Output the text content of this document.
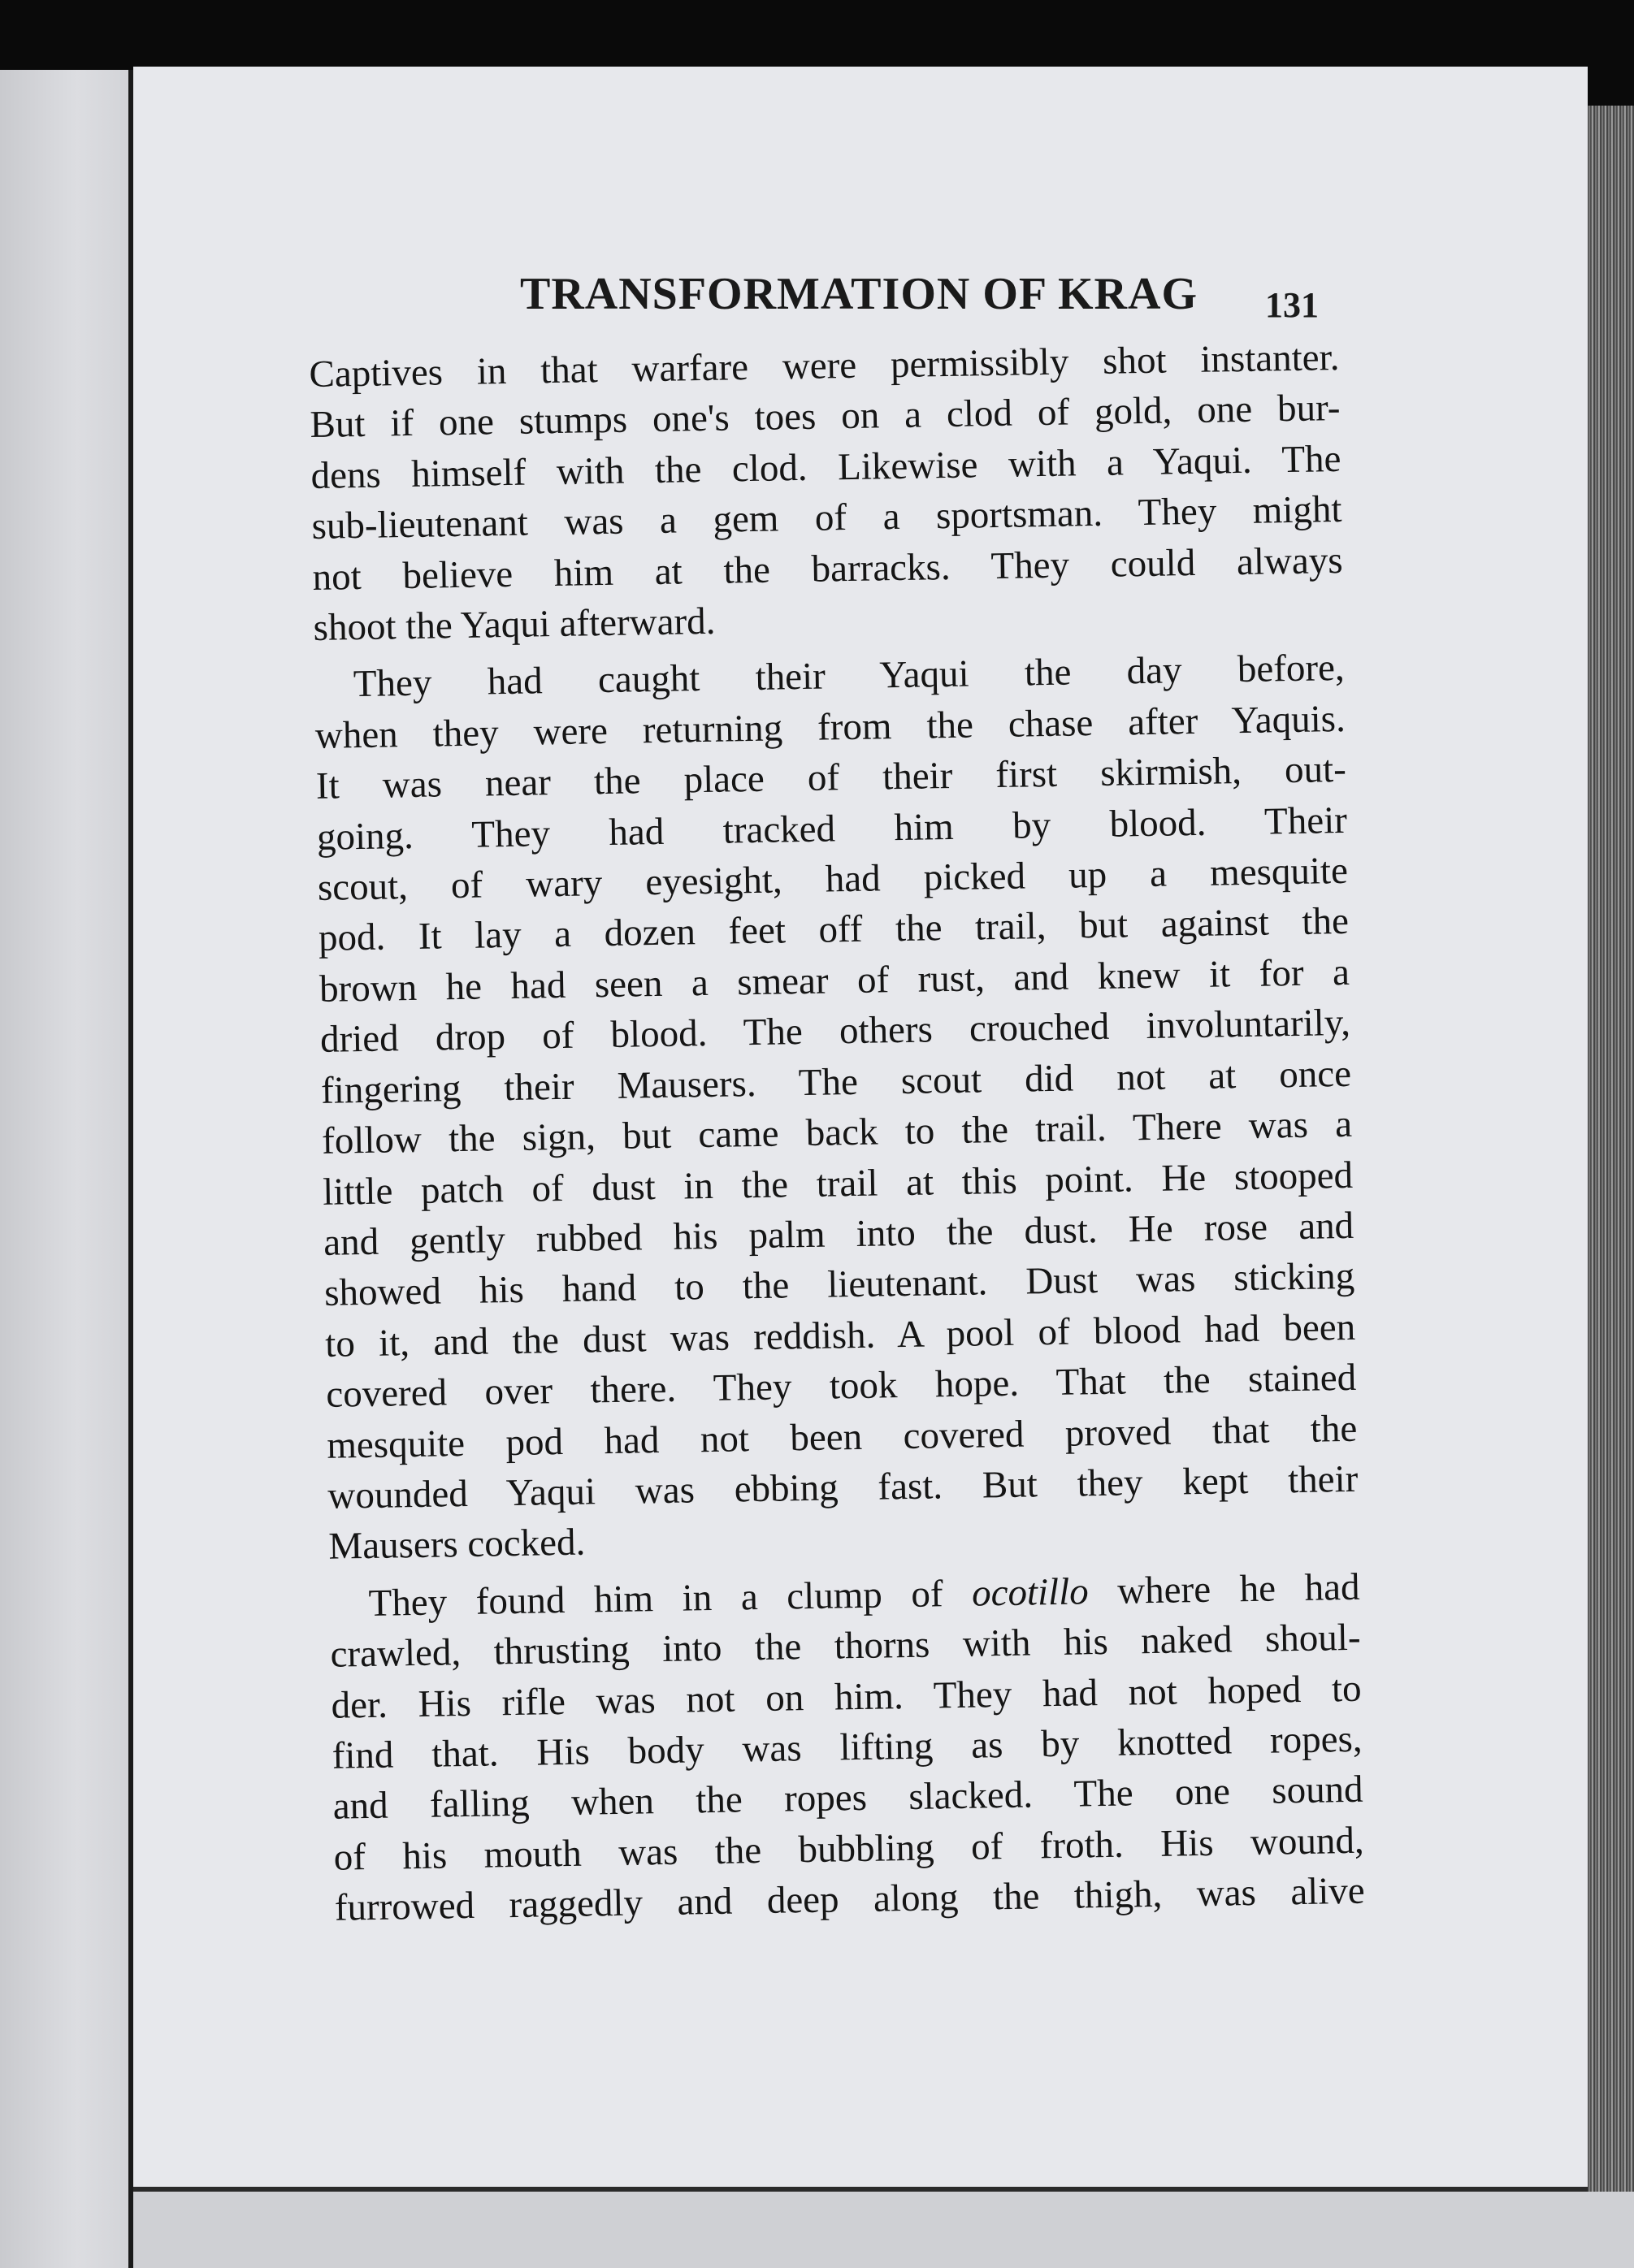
TRANSFORMATION OF KRAG 131
Captives in that warfare were permissibly shot instanter.
But if one stumps one's toes on a clod of gold, one bur-
dens himself with the clod. Likewise with a Yaqui. The
sub-lieutenant was a gem of a sportsman. They might
not believe him at the barracks. They could always
shoot the Yaqui afterward.
They had caught their Yaqui the day before,
when they were returning from the chase after Yaquis.
It was near the place of their first skirmish, out-
going. They had tracked him by blood. Their
scout, of wary eyesight, had picked up a mesquite
pod. It lay a dozen feet off the trail, but against the
brown he had seen a smear of rust, and knew it for a
dried drop of blood. The others crouched involuntarily,
fingering their Mausers. The scout did not at once
follow the sign, but came back to the trail. There was a
little patch of dust in the trail at this point. He stooped
and gently rubbed his palm into the dust. He rose and
showed his hand to the lieutenant. Dust was sticking
to it, and the dust was reddish. A pool of blood had been
covered over there. They took hope. That the stained
mesquite pod had not been covered proved that the
wounded Yaqui was ebbing fast. But they kept their
Mausers cocked.
They found him in a clump of ocotillo where he had
crawled, thrusting into the thorns with his naked shoul-
der. His rifle was not on him. They had not hoped to
find that. His body was lifting as by knotted ropes,
and falling when the ropes slacked. The one sound
of his mouth was the bubbling of froth. His wound,
furrowed raggedly and deep along the thigh, was alive
